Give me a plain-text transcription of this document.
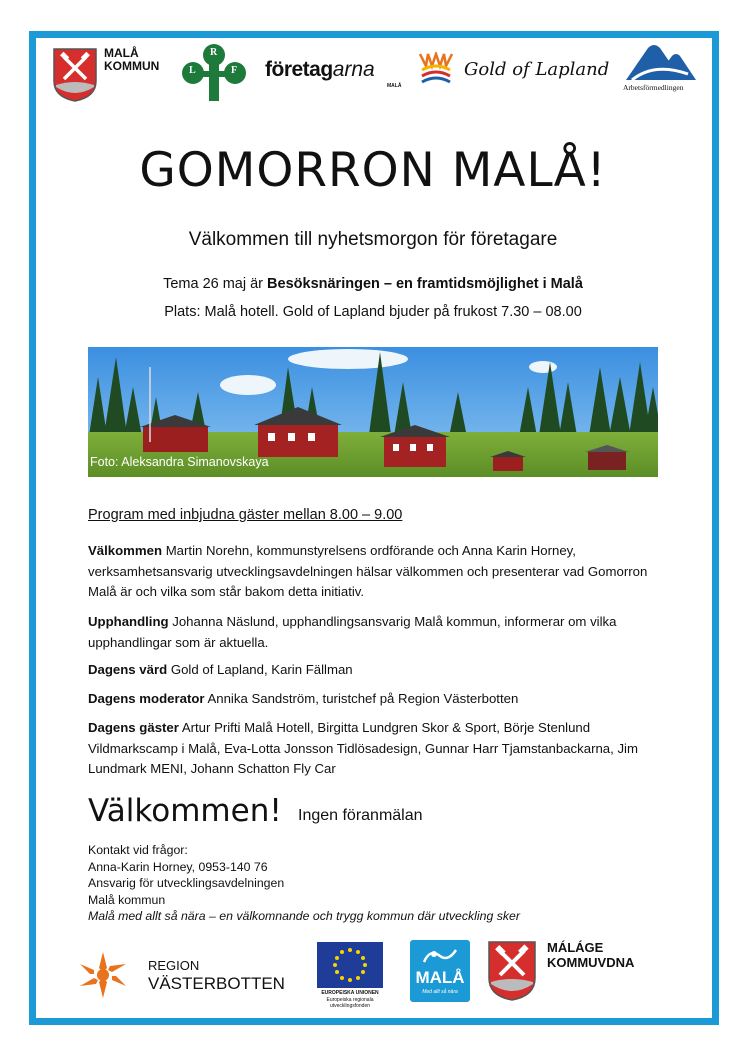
MALÅ
KOMMUN	L
R
F företagarna
MALÅ
Gold of Lapland
Arbetsförmedlingen
GOMORRON MALÅ!
Välkommen till nyhetsmorgon för företagare
Tema 26 maj är Besöksnäringen – en framtidsmöjlighet i Malå
Plats: Malå hotell. Gold of Lapland bjuder på frukost 7.30 – 08.00
Foto: Aleksandra Simanovskaya
Program med inbjudna gäster mellan 8.00 – 9.00
Välkommen Martin Norehn, kommunstyrelsens ordförande och Anna Karin Horney, verksamhetsansvarig utvecklingsavdelningen hälsar välkommen och presenterar vad Gomorron Malå är och vilka som står bakom detta initiativ.
Upphandling Johanna Näslund, upphandlingsansvarig Malå kommun, informerar om vilka upphandlingar som är aktuella.
Dagens värd Gold of Lapland, Karin Fällman
Dagens moderator Annika Sandström, turistchef på Region Västerbotten
Dagens gäster Artur Prifti Malå Hotell, Birgitta Lundgren Skor & Sport, Börje Stenlund Vildmarkscamp i Malå, Eva-Lotta Jonsson Tidlösadesign, Gunnar Harr Tjamstanbackarna, Jim Lundmark MENI, Johann Schatton Fly Car
Välkommen! Ingen föranmälan
Kontakt vid frågor:
Anna-Karin Horney, 0953-140 76
Ansvarig för utvecklingsavdelningen
Malå kommun
Malå med allt så nära – en välkomnande och trygg kommun där utveckling sker
REGION
VÄSTERBOTTEN	EUROPEISKA UNIONEN
Europeiska regionala
utvecklingsfonden
MALÅ
Med allt så nära
MÁLÁGE
KOMMUVDNA
